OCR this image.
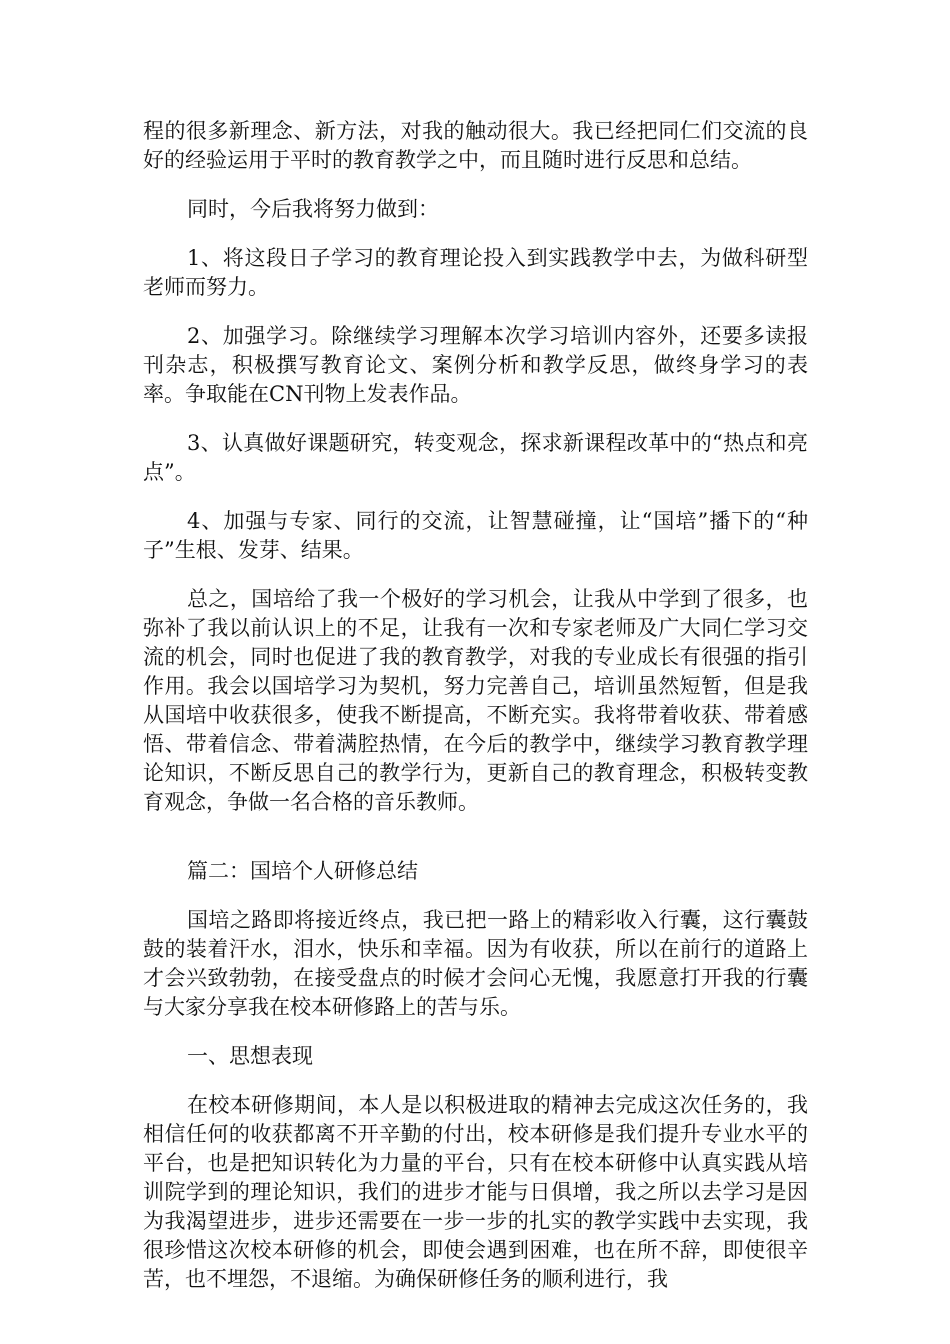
程的很多新理念、新方法，对我的触动很大。我已经把同仁们交流的良好的经验运用于平时的教育教学之中，而且随时进行反思和总结。

同时，今后我将努力做到：

1、将这段日子学习的教育理论投入到实践教学中去，为做科研型老师而努力。

2、加强学习。除继续学习理解本次学习培训内容外，还要多读报刊杂志，积极撰写教育论文、案例分析和教学反思，做终身学习的表率。争取能在CN刊物上发表作品。

3、认真做好课题研究，转变观念，探求新课程改革中的“热点和亮点”。

4、加强与专家、同行的交流，让智慧碰撞，让“国培”播下的“种子”生根、发芽、结果。

总之，国培给了我一个极好的学习机会，让我从中学到了很多，也弥补了我以前认识上的不足，让我有一次和专家老师及广大同仁学习交流的机会，同时也促进了我的教育教学，对我的专业成长有很强的指引作用。我会以国培学习为契机，努力完善自己，培训虽然短暂，但是我从国培中收获很多，使我不断提高，不断充实。我将带着收获、带着感悟、带着信念、带着满腔热情，在今后的教学中，继续学习教育教学理论知识，不断反思自己的教学行为，更新自己的教育理念，积极转变教育观念，争做一名合格的音乐教师。

篇二：国培个人研修总结

国培之路即将接近终点，我已把一路上的精彩收入行囊，这行囊鼓鼓的装着汗水，泪水，快乐和幸福。因为有收获，所以在前行的道路上才会兴致勃勃，在接受盘点的时候才会问心无愧，我愿意打开我的行囊与大家分享我在校本研修路上的苦与乐。

一、思想表现

在校本研修期间，本人是以积极进取的精神去完成这次任务的，我相信任何的收获都离不开辛勤的付出，校本研修是我们提升专业水平的平台，也是把知识转化为力量的平台，只有在校本研修中认真实践从培训院学到的理论知识，我们的进步才能与日俱增，我之所以去学习是因为我渴望进步，进步还需要在一步一步的扎实的教学实践中去实现，我很珍惜这次校本研修的机会，即使会遇到困难，也在所不辞，即使很辛苦，也不埋怨，不退缩。为确保研修任务的顺利进行，我
